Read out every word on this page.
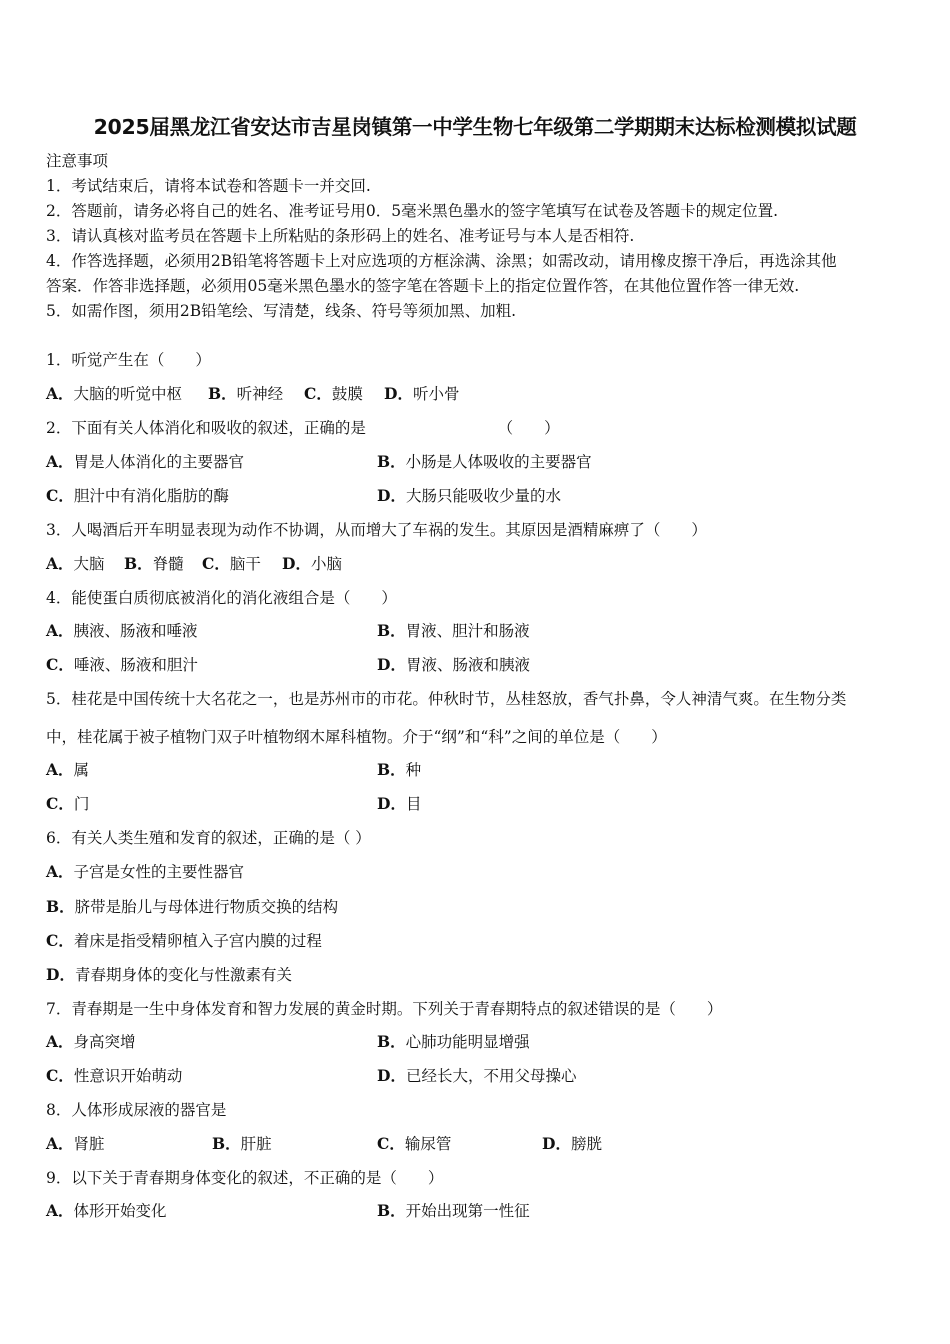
2025届黑龙江省安达市吉星岗镇第一中学生物七年级第二学期期末达标检测模拟试题
注意事项
1．考试结束后，请将本试卷和答题卡一并交回.
2．答题前，请务必将自己的姓名、准考证号用0．5毫米黑色墨水的签字笔填写在试卷及答题卡的规定位置.
3．请认真核对监考员在答题卡上所粘贴的条形码上的姓名、准考证号与本人是否相符.
4．作答选择题，必须用2B铅笔将答题卡上对应选项的方框涂满、涂黑；如需改动，请用橡皮擦干净后，再选涂其他
答案．作答非选择题，必须用05毫米黑色墨水的签字笔在答题卡上的指定位置作答，在其他位置作答一律无效.
5．如需作图，须用2B铅笔绘、写清楚，线条、符号等须加黑、加粗.
1．听觉产生在（　　）
A．大脑的听觉中枢 B．听神经 C．鼓膜 D．听小骨
2．下面有关人体消化和吸收的叙述，正确的是　　　　　　　　　（　　）
A．胃是人体消化的主要器官	B．小肠是人体吸收的主要器官
C．胆汁中有消化脂肪的酶	D．大肠只能吸收少量的水
3．人喝酒后开车明显表现为动作不协调，从而增大了车祸的发生。其原因是酒精麻痹了（　　）
A．大脑 B．脊髓 C．脑干 D．小脑
4．能使蛋白质彻底被消化的消化液组合是（　　）
A．胰液、肠液和唾液	B．胃液、胆汁和肠液
C．唾液、肠液和胆汁	D．胃液、肠液和胰液
5．桂花是中国传统十大名花之一，也是苏州市的市花。仲秋时节，丛桂怒放，香气扑鼻，令人神清气爽。在生物分类
中，桂花属于被子植物门双子叶植物纲木犀科植物。介于“纲”和“科”之间的单位是（　　）
A．属	B．种
C．门	D．目
6．有关人类生殖和发育的叙述，正确的是（ ）
A．子宫是女性的主要性器官
B．脐带是胎儿与母体进行物质交换的结构
C．着床是指受精卵植入子宫内膜的过程
D．青春期身体的变化与性激素有关
7．青春期是一生中身体发育和智力发展的黄金时期。下列关于青春期特点的叙述错误的是（　　）
A．身高突增	B．心肺功能明显增强
C．性意识开始萌动	D．已经长大，不用父母操心
8．人体形成尿液的器官是
A．肾脏	B．肝脏	C．输尿管	D．膀胱
9．以下关于青春期身体变化的叙述，不正确的是（　　）
A．体形开始变化	B．开始出现第一性征
